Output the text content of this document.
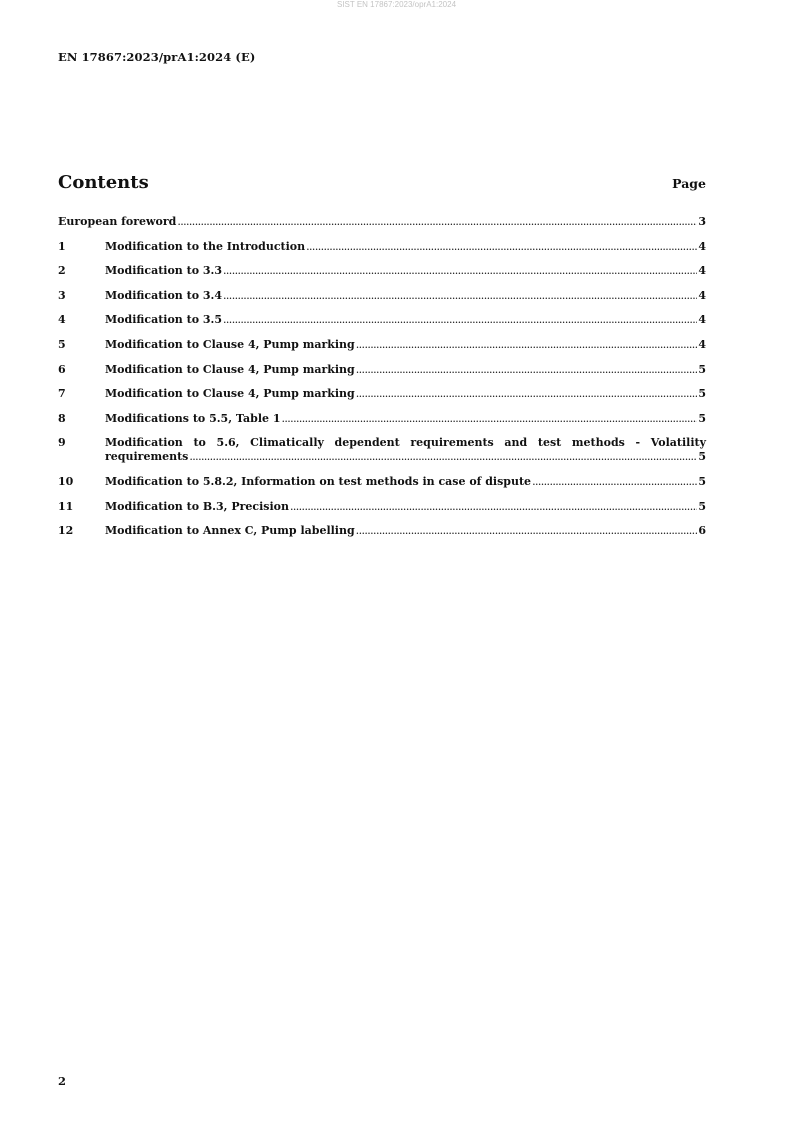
SIST EN 17867:2023/oprA1:2024
EN 17867:2023/prA1:2024 (E)
Contents	Page
European foreword .....	3
1	Modification to the Introduction .....	4
2	Modification to 3.3 .....	4
3	Modification to 3.4 .....	4
4	Modification to 3.5 .....	4
5	Modification to Clause 4, Pump marking .....	4
6	Modification to Clause 4, Pump marking .....	5
7	Modification to Clause 4, Pump marking .....	5
8	Modifications to 5.5, Table 1 .....	5
9	Modification to 5.6, Climatically dependent requirements and test methods - Volatility
requirements .....	5
10	Modification to 5.8.2, Information on test methods in case of dispute .....	5
11	Modification to B.3, Precision .....	5
12	Modification to Annex C, Pump labelling .....	6
2
